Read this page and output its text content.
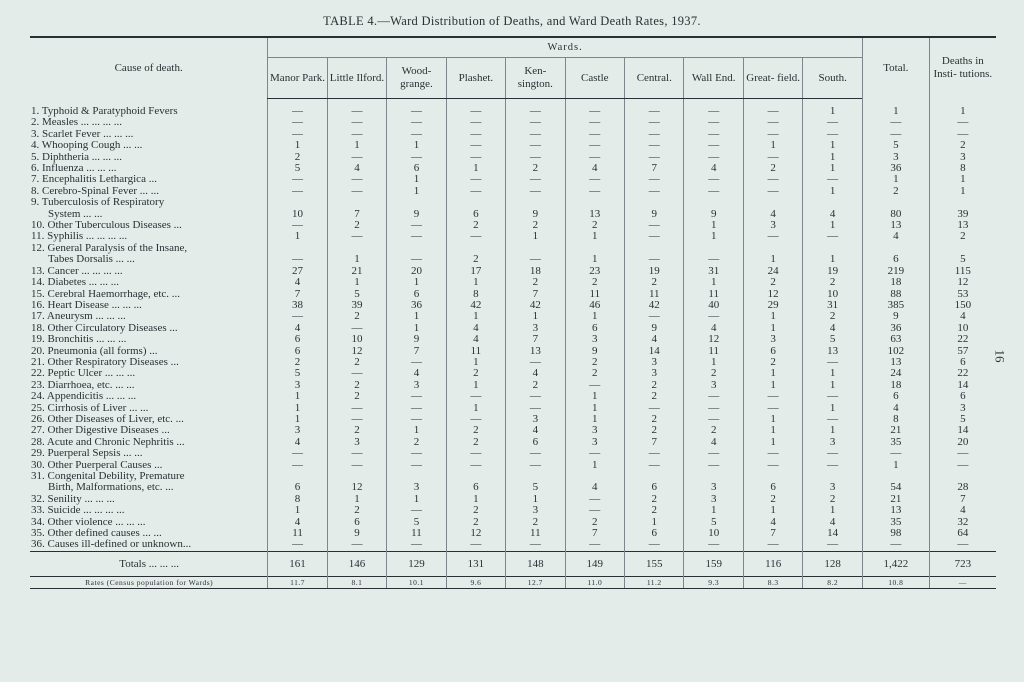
TABLE 4.—Ward Distribution of Deaths, and Ward Death Rates, 1937.
16
Cause of death.	Wards.										Total.	Deaths in Insti- tutions.
	Manor Park.	Little Ilford.	Wood- grange.	Plashet.	Ken- sington.	Castle	Central.	Wall End.	Great- field.	South.		
1. Typhoid & Paratyphoid Fevers	—	—	—	—	—	—	—	—	—	1	1	1
2. Measles ... ... ... ...	—	—	—	—	—	—	—	—	—	—	—	—
3. Scarlet Fever ... ... ...	—	—	—	—	—	—	—	—	—	—	—	—
4. Whooping Cough ... ...	1	1	1	—	—	—	—	—	1	1	5	2
5. Diphtheria ... ... ...	2	—	—	—	—	—	—	—	—	1	3	3
6. Influenza ... ... ...	5	4	6	1	2	4	7	4	2	1	36	8
7. Encephalitis Lethargica ...	—	—	1	—	—	—	—	—	—	—	1	1
8. Cerebro-Spinal Fever ... ...	—	—	1	—	—	—	—	—	—	1	2	1
9. Tuberculosis of Respiratory												
System ... ...	10	7	9	6	9	13	9	9	4	4	80	39
10. Other Tuberculous Diseases ...	—	2	—	2	2	2	—	1	3	1	13	13
11. Syphilis ... ... ... ...	1	—	—	—	1	1	—	1	—	—	4	2
12. General Paralysis of the Insane,												
Tabes Dorsalis ... ...	—	1	—	2	—	1	—	—	1	1	6	5
13. Cancer ... ... ... ...	27	21	20	17	18	23	19	31	24	19	219	115
14. Diabetes ... ... ...	4	1	1	1	2	2	2	1	2	2	18	12
15. Cerebral Haemorrhage, etc. ...	7	5	6	8	7	11	11	11	12	10	88	53
16. Heart Disease ... ... ...	38	39	36	42	42	46	42	40	29	31	385	150
17. Aneurysm ... ... ...	—	2	1	1	1	1	—	—	1	2	9	4
18. Other Circulatory Diseases ...	4	—	1	4	3	6	9	4	1	4	36	10
19. Bronchitis ... ... ...	6	10	9	4	7	3	4	12	3	5	63	22
20. Pneumonia (all forms) ...	6	12	7	11	13	9	14	11	6	13	102	57
21. Other Respiratory Diseases ...	2	2	—	1	—	2	3	1	2	—	13	6
22. Peptic Ulcer ... ... ...	5	—	4	2	4	2	3	2	1	1	24	22
23. Diarrhoea, etc. ... ...	3	2	3	1	2	—	2	3	1	1	18	14
24. Appendicitis ... ... ...	1	2	—	—	—	1	2	—	—	—	6	6
25. Cirrhosis of Liver ... ...	1	—	—	1	—	1	—	—	—	1	4	3
26. Other Diseases of Liver, etc. ...	1	—	—	—	3	1	2	—	1	—	8	5
27. Other Digestive Diseases ...	3	2	1	2	4	3	2	2	1	1	21	14
28. Acute and Chronic Nephritis ...	4	3	2	2	6	3	7	4	1	3	35	20
29. Puerperal Sepsis ... ...	—	—	—	—	—	—	—	—	—	—	—	—
30. Other Puerperal Causes ...	—	—	—	—	—	1	—	—	—	—	1	—
31. Congenital Debility, Premature												
Birth, Malformations, etc. ...	6	12	3	6	5	4	6	3	6	3	54	28
32. Senility ... ... ...	8	1	1	1	1	—	2	3	2	2	21	7
33. Suicide ... ... ... ...	1	2	—	2	3	—	2	1	1	1	13	4
34. Other violence ... ... ...	4	6	5	2	2	2	1	5	4	4	35	32
35. Other defined causes ... ...	11	9	11	12	11	7	6	10	7	14	98	64
36. Causes ill-defined or unknown...	—	—	—	—	—	—	—	—	—	—	—	—
Totals ... ... ...	161	146	129	131	148	149	155	159	116	128	1,422	723
Rates (Census population for Wards)	11.7	8.1	10.1	9.6	12.7	11.0	11.2	9.3	8.3	8.2	10.8	—
